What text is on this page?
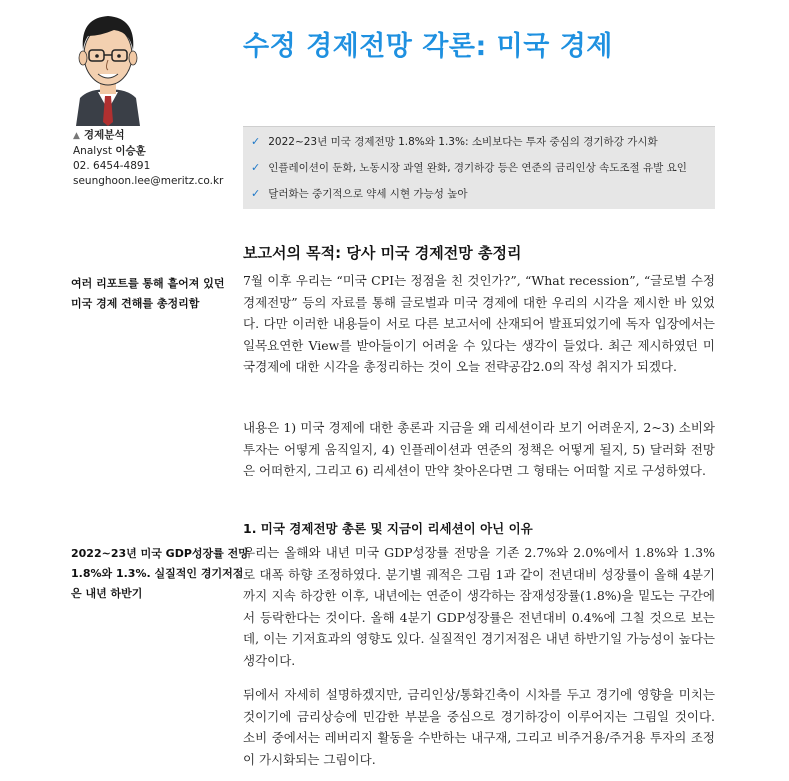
▲ 경제분석
Analyst 이승훈
02. 6454-4891
seunghoon.lee@meritz.co.kr
수정 경제전망 각론: 미국 경제
✓ 2022~23년 미국 경제전망 1.8%와 1.3%: 소비보다는 투자 중심의 경기하강 가시화
✓ 인플레이션이 둔화, 노동시장 과열 완화, 경기하강 등은 연준의 금리인상 속도조절 유발 요인
✓ 달러화는 중기적으로 약세 시현 가능성 높아
보고서의 목적: 당사 미국 경제전망 총정리
여러 리포트를 통해 흩어져 있던
미국 경제 견해를 총정리함

7월 이후 우리는 “미국 CPI는 정점을 친 것인가?”, “What recession”, “글로벌 수정 경제전망” 등의 자료를 통해 글로벌과 미국 경제에 대한 우리의 시각을 제시한 바 있었다. 다만 이러한 내용들이 서로 다른 보고서에 산재되어 발표되었기에 독자 입장에서는 일목요연한 View를 받아들이기 어려울 수 있다는 생각이 들었다. 최근 제시하였던 미국경제에 대한 시각을 총정리하는 것이 오늘 전략공감2.0의 작성 취지가 되겠다.

내용은 1) 미국 경제에 대한 총론과 지금을 왜 리세션이라 보기 어려운지, 2~3) 소비와 투자는 어떻게 움직일지, 4) 인플레이션과 연준의 정책은 어떻게 될지, 5) 달러화 전망은 어떠한지, 그리고 6) 리세션이 만약 찾아온다면 그 형태는 어떠할 지로 구성하였다.

1. 미국 경제전망 총론 및 지금이 리세션이 아닌 이유
2022~23년 미국 GDP성장률 전망
1.8%와 1.3%. 실질적인 경기저점
은 내년 하반기

우리는 올해와 내년 미국 GDP성장률 전망을 기존 2.7%와 2.0%에서 1.8%와 1.3%로 대폭 하향 조정하였다. 분기별 궤적은 그림 1과 같이 전년대비 성장률이 올해 4분기까지 지속 하강한 이후, 내년에는 연준이 생각하는 잠재성장률(1.8%)을 밑도는 구간에서 등락한다는 것이다. 올해 4분기 GDP성장률은 전년대비 0.4%에 그칠 것으로 보는데, 이는 기저효과의 영향도 있다. 실질적인 경기저점은 내년 하반기일 가능성이 높다는 생각이다.

뒤에서 자세히 설명하겠지만, 금리인상/통화긴축이 시차를 두고 경기에 영향을 미치는 것이기에 금리상승에 민감한 부분을 중심으로 경기하강이 이루어지는 그림일 것이다. 소비 중에서는 레버리지 활동을 수반하는 내구재, 그리고 비주거용/주거용 투자의 조정이 가시화되는 그림이다.
